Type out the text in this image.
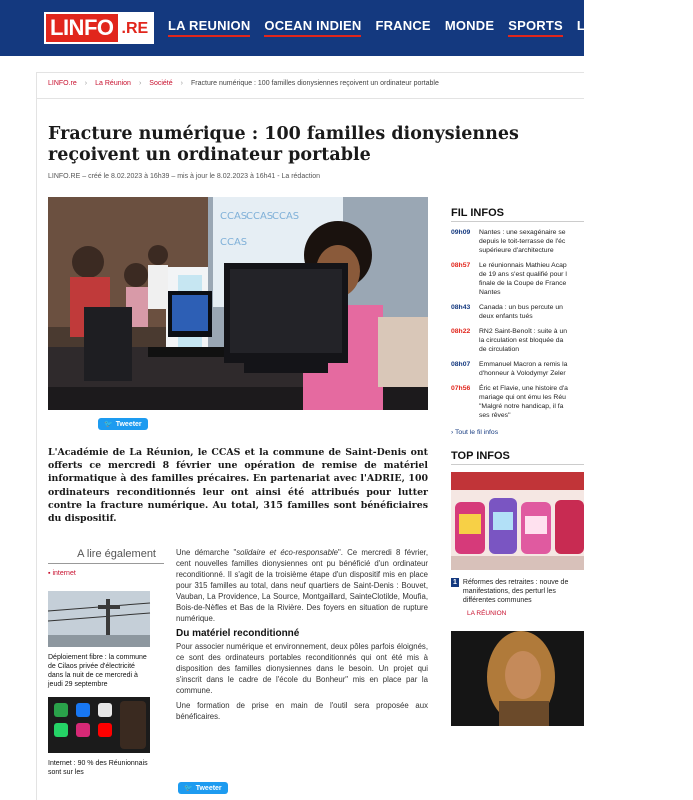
LINFO .RE	LA REUNION OCEAN INDIEN FRANCE MONDE SPORTS LE MAG VIDEOS
LINFO.re › La Réunion › Société › Fracture numérique : 100 familles dionysiennes reçoivent un ordinateur portable
Fracture numérique : 100 familles dionysiennes reçoivent un ordinateur portable
LINFO.RE – créé le 8.02.2023 à 16h39 – mis à jour le 8.02.2023 à 16h41 - La rédaction
CCAS
CCAS
CCAS
CCAS
🐦 Tweeter
L'Académie de La Réunion, le CCAS et la commune de Saint-Denis ont offerts ce mercredi 8 février une opération de remise de matériel informatique à des familles précaires. En partenariat avec l'ADRIE, 100 ordinateurs reconditionnés leur ont ainsi été attribués pour lutter contre la fracture numérique. Au total, 315 familles sont bénéficiaires du dispositif.
A lire également
▪ internet
Déploiement fibre : la commune de Cilaos privée d'électricité dans la nuit de ce mercredi à jeudi 29 septembre
Internet : 90 % des Réunionnais sont sur les

Une démarche "solidaire et éco-responsable". Ce mercredi 8 février, cent nouvelles familles dionysiennes ont pu bénéficié d'un ordinateur reconditionné. Il s'agit de la troisième étape d'un dispositif mis en place pour 315 familles au total, dans neuf quartiers de Saint-Denis : Bouvet, Vauban, La Providence, La Source, Montgaillard, SainteClotilde, Moufia, Bois-de-Nèfles et Bas de la Rivière. Des foyers en situation de rupture numérique.

Du matériel reconditionné

Pour associer numérique et environnement, deux pôles parfois éloignés, ce sont des ordinateurs portables reconditionnés qui ont été mis à disposition des familles dionysiennes dans le besoin. Un projet qui s'inscrit dans le cadre de l'école du Bonheur" mis en place par la commune.

Une formation de prise en main de l'outil sera proposée aux bénéficaires.

🐦 Tweeter
FIL INFOS
09h09	Nantes : une sexagénaire se
depuis le toit-terrasse de l'éc
supérieure d'architecture
08h57	Le réunionnais Mathieu Acap
de 19 ans s'est qualifié pour l
finale de la Coupe de France
Nantes
08h43	Canada : un bus percute un
deux enfants tués
08h22	RN2 Saint-Benoît : suite à un
la circulation est bloquée da
de circulation
08h07	Emmanuel Macron a remis la
d'honneur à Volodymyr Zeler
07h56	Éric et Flavie, une histoire d'a
mariage qui ont ému les Réu
"Malgré notre handicap, il fa
ses rêves"
› Tout le fil infos
TOP INFOS
1 Réformes des retraites : nouve de manifestations, des perturl les différentes communes
LA RÉUNION
